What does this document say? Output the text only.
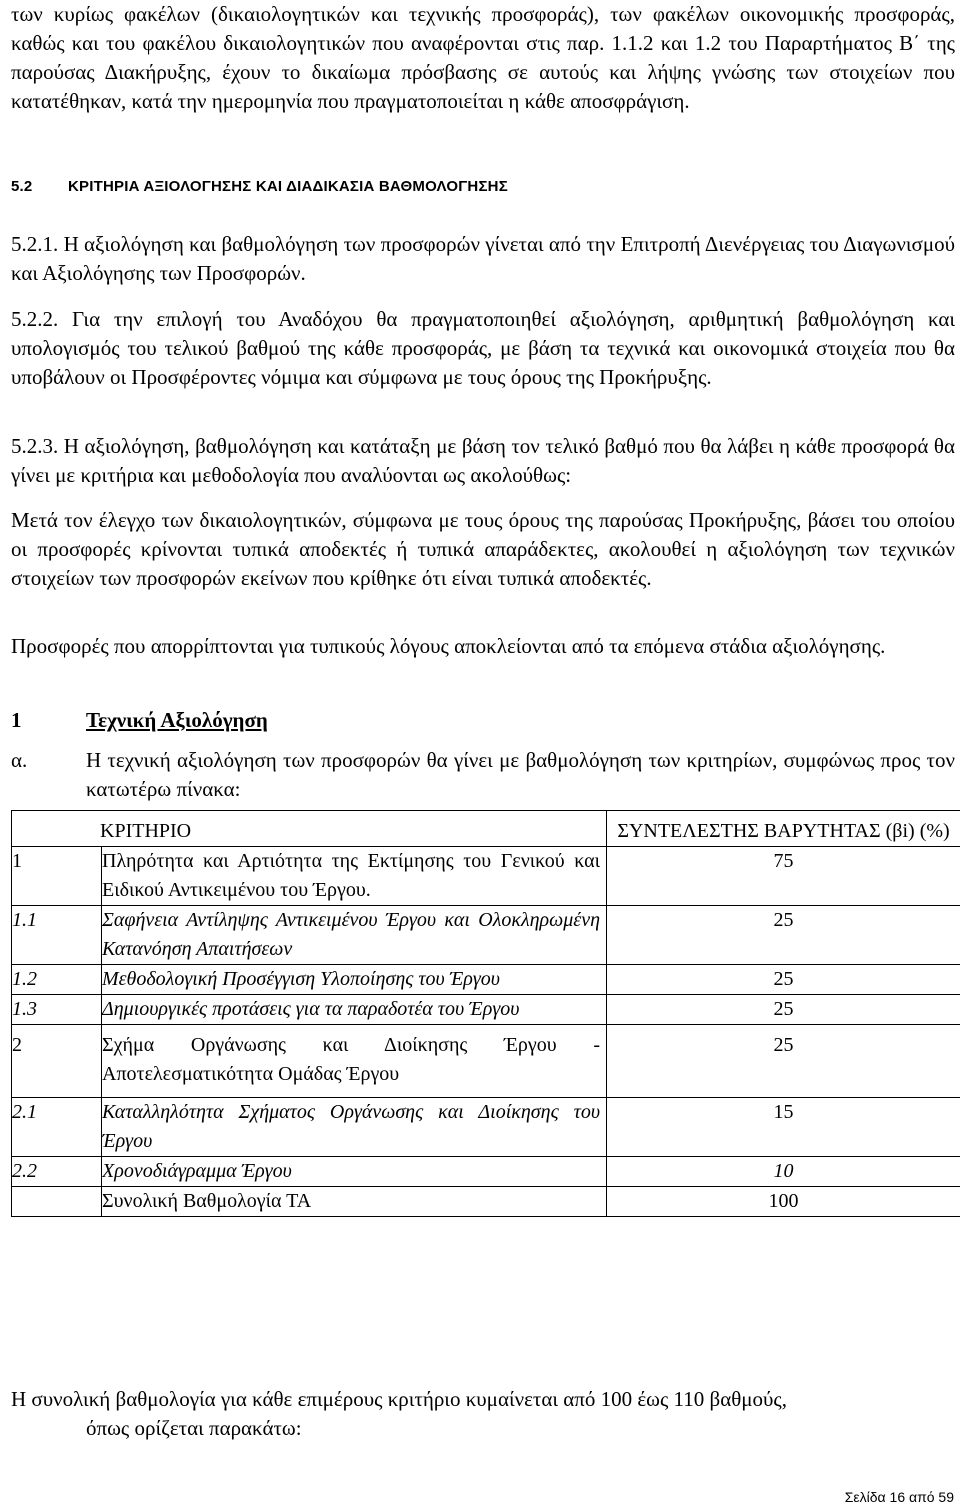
των κυρίως φακέλων (δικαιολογητικών και τεχνικής προσφοράς), των φακέλων οικονομικής προσφοράς, καθώς και του φακέλου δικαιολογητικών που αναφέρονται στις παρ. 1.1.2 και 1.2 του Παραρτήματος Β΄ της παρούσας Διακήρυξης, έχουν το δικαίωμα πρόσβασης σε αυτούς και λήψης γνώσης των στοιχείων που κατατέθηκαν, κατά την ημερομηνία που πραγματοποιείται η κάθε αποσφράγιση.

5.2 ΚΡΙΤΗΡΙΑ ΑΞΙΟΛΟΓΗΣΗΣ ΚΑΙ ΔΙΑΔΙΚΑΣΙΑ ΒΑΘΜΟΛΟΓΗΣΗΣ

5.2.1. Η αξιολόγηση και βαθμολόγηση των προσφορών γίνεται από την Επιτροπή Διενέργειας του Διαγωνισμού και Αξιολόγησης των Προσφορών.

5.2.2. Για την επιλογή του Αναδόχου θα πραγματοποιηθεί αξιολόγηση, αριθμητική βαθμολόγηση και υπολογισμός του τελικού βαθμού της κάθε προσφοράς, με βάση τα τεχνικά και οικονομικά στοιχεία που θα υποβάλουν οι Προσφέροντες νόμιμα και σύμφωνα με τους όρους της Προκήρυξης.

5.2.3. Η αξιολόγηση, βαθμολόγηση και κατάταξη με βάση τον τελικό βαθμό που θα λάβει η κάθε προσφορά θα γίνει με κριτήρια και μεθοδολογία που αναλύονται ως ακολούθως:

Μετά τον έλεγχο των δικαιολογητικών, σύμφωνα με τους όρους της παρούσας Προκήρυξης, βάσει του οποίου οι προσφορές κρίνονται τυπικά αποδεκτές ή τυπικά απαράδεκτες, ακολουθεί η αξιολόγηση των τεχνικών στοιχείων των προσφορών εκείνων που κρίθηκε ότι είναι τυπικά αποδεκτές.

Προσφορές που απορρίπτονται για τυπικούς λόγους αποκλείονται από τα επόμενα στάδια αξιολόγησης.

1	Τεχνική Αξιολόγηση
α.	Η τεχνική αξιολόγηση των προσφορών θα γίνει με βαθμολόγηση των κριτηρίων, συμφώνως προς τον κατωτέρω πίνακα:
ΚΡΙΤΗΡΙΟ		ΣΥΝΤΕΛΕΣΤΗΣ ΒΑΡΥΤΗΤΑΣ (βi) (%)
1	Πληρότητα και Αρτιότητα της Εκτίμησης του Γενικού και Ειδικού Αντικειμένου του Έργου.	75
1.1	Σαφήνεια Αντίληψης Αντικειμένου Έργου και Ολοκληρωμένη Κατανόηση Απαιτήσεων	25
1.2	Μεθοδολογική Προσέγγιση Υλοποίησης του Έργου	25
1.3	Δημιουργικές προτάσεις για τα παραδοτέα του Έργου	25
2	Σχήμα Οργάνωσης και Διοίκησης Έργου - Αποτελεσματικότητα Ομάδας Έργου	25
2.1	Καταλληλότητα Σχήματος Οργάνωσης και Διοίκησης του Έργου	15
2.2	Χρονοδιάγραμμα Έργου	10
	Συνολική Βαθμολογία ΤΑ	100

Η συνολική βαθμολογία για κάθε επιμέρους κριτήριο κυμαίνεται από 100 έως 110 βαθμούς,
όπως ορίζεται παρακάτω:

Σελίδα 16 από 59
